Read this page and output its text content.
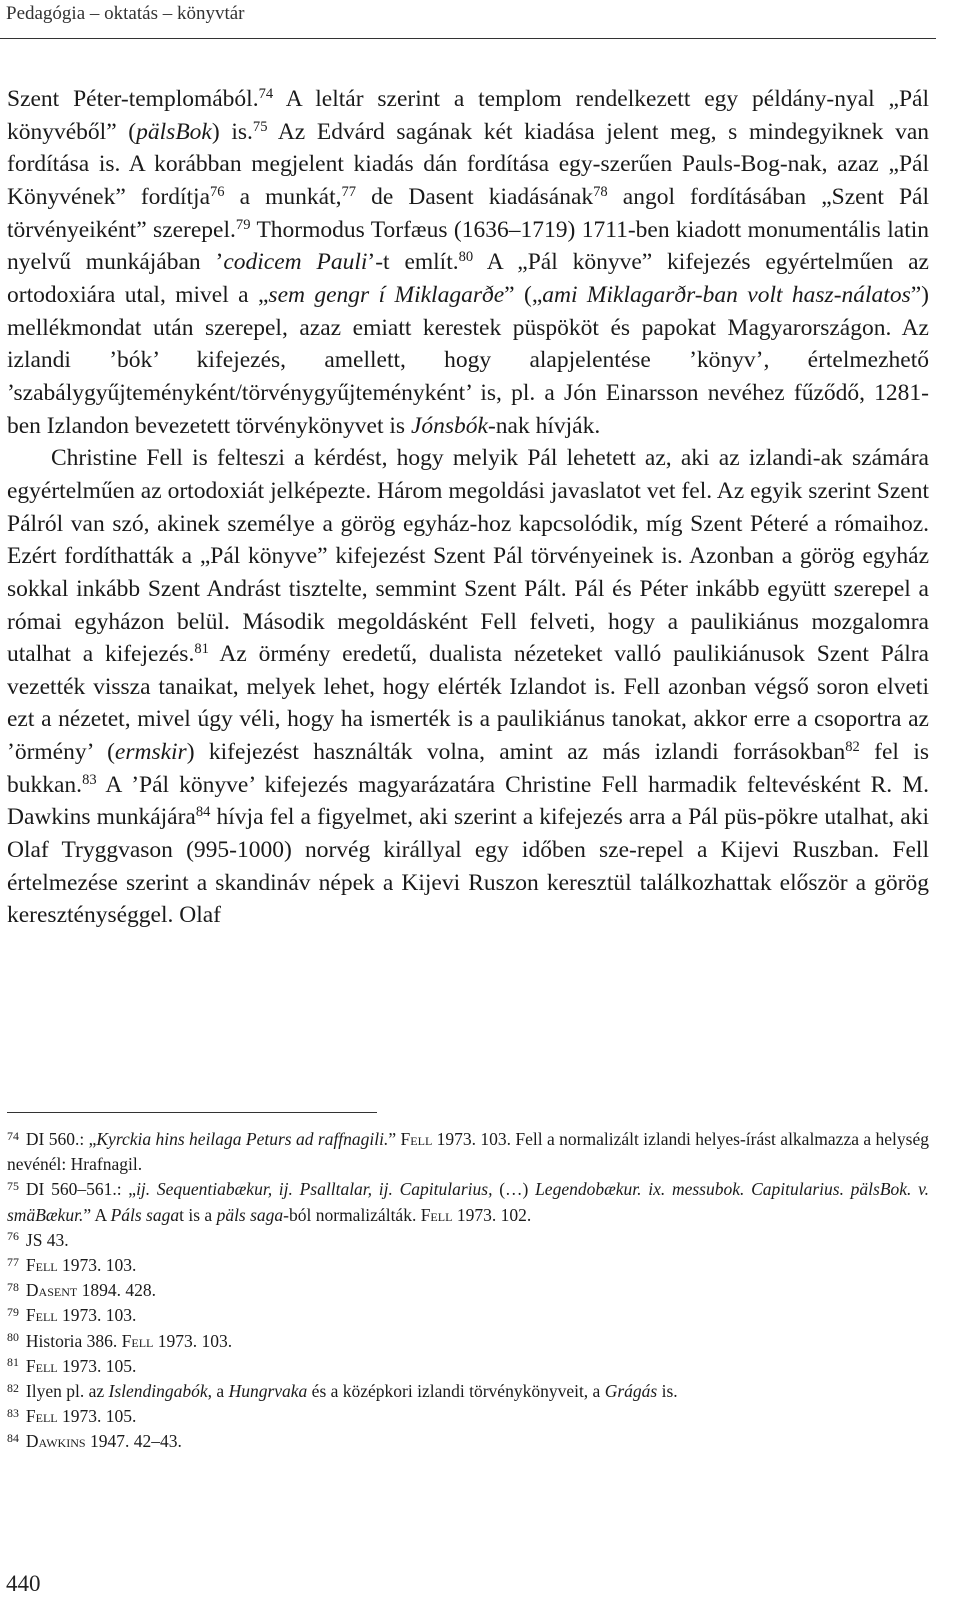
Pedagógia – oktatás – könyvtár

Szent Péter-templomából.$^{74}$ A leltár szerint a templom rendelkezett egy példány-nyal „Pál könyvéből” (pälsBok) is.$^{75}$ Az Edvárd sagának két kiadása jelent meg, s mindegyiknek van fordítása is. A korábban megjelent kiadás dán fordítása egy-szerűen Pauls-Bog-nak, azaz „Pál Könyvének” fordítja$^{76}$ a munkát,$^{77}$ de Dasent kiadásának$^{78}$ angol fordításában „Szent Pál törvényeiként” szerepel.$^{79}$ Thormodus Torfæus (1636–1719) 1711-ben kiadott monumentális latin nyelvű munkájában ’codicem Pauli’-t említ.$^{80}$ A „Pál könyve” kifejezés egyértelműen az ortodoxiára utal, mivel a „sem gengr í Miklagarðe” („ami Miklagarðr-ban volt hasz-nálatos”) mellékmondat után szerepel, azaz emiatt kerestek püspököt és papokat Magyarországon. Az izlandi ’bók’ kifejezés, amellett, hogy alapjelentése ’könyv’, értelmezhető ’szabálygyűjteményként/törvénygyűjteményként’ is, pl. a Jón Einarsson nevéhez fűződő, 1281-ben Izlandon bevezetett törvénykönyvet is Jónsbók-nak hívják.

Christine Fell is felteszi a kérdést, hogy melyik Pál lehetett az, aki az izlandi-ak számára egyértelműen az ortodoxiát jelképezte. Három megoldási javaslatot vet fel. Az egyik szerint Szent Pálról van szó, akinek személye a görög egyház-hoz kapcsolódik, míg Szent Péteré a rómaihoz. Ezért fordíthatták a „Pál könyve” kifejezést Szent Pál törvényeinek is. Azonban a görög egyház sokkal inkább Szent Andrást tisztelte, semmint Szent Pált. Pál és Péter inkább együtt szerepel a római egyházon belül. Második megoldásként Fell felveti, hogy a paulikiánus mozgalomra utalhat a kifejezés.$^{81}$ Az örmény eredetű, dualista nézeteket valló paulikiánusok Szent Pálra vezették vissza tanaikat, melyek lehet, hogy elérték Izlandot is. Fell azonban végső soron elveti ezt a nézetet, mivel úgy véli, hogy ha ismerték is a paulikiánus tanokat, akkor erre a csoportra az ’örmény’ (ermskir) kifejezést használták volna, amint az más izlandi forrásokban$^{82}$ fel is bukkan.$^{83}$ A ’Pál könyve’ kifejezés magyarázatára Christine Fell harmadik feltevésként R. M. Dawkins munkájára$^{84}$ hívja fel a figyelmet, aki szerint a kifejezés arra a Pál püs-pökre utalhat, aki Olaf Tryggvason (995-1000) norvég királlyal egy időben sze-repel a Kijevi Ruszban. Fell értelmezése szerint a skandináv népek a Kijevi Ruszon keresztül találkozhattak először a görög kereszténységgel. Olaf

$^{74}$ DI 560.: „Kyrckia hins heilaga Peturs ad raffnagili.” Fell 1973. 103. Fell a normalizált izlandi helyes-írást alkalmazza a helység nevénél: Hrafnagil.

$^{75}$ DI 560–561.: „ij. Sequentiabækur, ij. Psalltalar, ij. Capitularius, (…) Legendobækur. ix. messubok. Capitularius. pälsBok. v. smäBækur.” A Páls sagat is a päls saga-ból normalizálták. Fell 1973. 102.

$^{76}$ JS 43.

$^{77}$ Fell 1973. 103.

$^{78}$ Dasent 1894. 428.

$^{79}$ Fell 1973. 103.

$^{80}$ Historia 386. Fell 1973. 103.

$^{81}$ Fell 1973. 105.

$^{82}$ Ilyen pl. az Islendingabók, a Hungrvaka és a középkori izlandi törvénykönyveit, a Grágás is.

$^{83}$ Fell 1973. 105.

$^{84}$ Dawkins 1947. 42–43.

440
